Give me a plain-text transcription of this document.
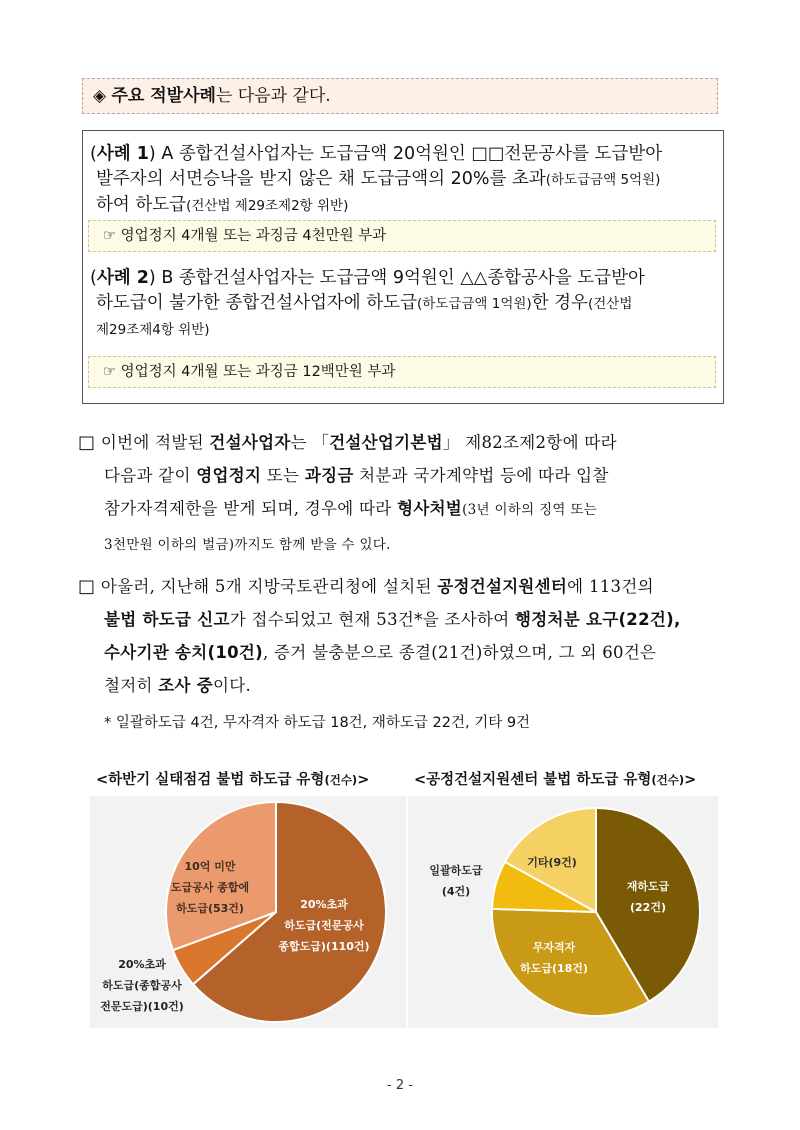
◈ 주요 적발사례는 다음과 같다.
(사례 1) A 종합건설사업자는 도급금액 20억원인 □□전문공사를 도급받아
발주자의 서면승낙을 받지 않은 채 도급금액의 20%를 초과(하도급금액 5억원)
하여 하도급(건산법 제29조제2항 위반)
☞ 영업정지 4개월 또는 과징금 4천만원 부과
(사례 2) B 종합건설사업자는 도급금액 9억원인 △△종합공사을 도급받아
하도급이 불가한 종합건설사업자에 하도급(하도급금액 1억원)한 경우(건산법
제29조제4항 위반)
☞ 영업정지 4개월 또는 과징금 12백만원 부과
□ 이번에 적발된 건설사업자는 「건설산업기본법」 제82조제2항에 따라
다음과 같이 영업정지 또는 과징금 처분과 국가계약법 등에 따라 입찰
참가자격제한을 받게 되며, 경우에 따라 형사처벌(3년 이하의 징역 또는
3천만원 이하의 벌금)까지도 함께 받을 수 있다.
□ 아울러, 지난해 5개 지방국토관리청에 설치된 공정건설지원센터에 113건의
불법 하도급 신고가 접수되었고 현재 53건*을 조사하여 행정처분 요구(22건),
수사기관 송치(10건), 증거 불충분으로 종결(21건)하였으며, 그 외 60건은
철저히 조사 중이다.
* 일괄하도급 4건, 무자격자 하도급 18건, 재하도급 22건, 기타 9건
<하반기 실태점검 불법 하도급 유형(건수)>	<공정건설지원센터 불법 하도급 유형(건수)>
20%초과 하도급(전문공사 종합도급)(110건)
20%초과 하도급(종합공사 전문도급)(10건)
10억 미만 도급공사 종합에 하도급(53건)
재하도급 (22건)
무자격자 하도급(18건)
일괄하도급 (4건)
기타(9건)
- 2 -
